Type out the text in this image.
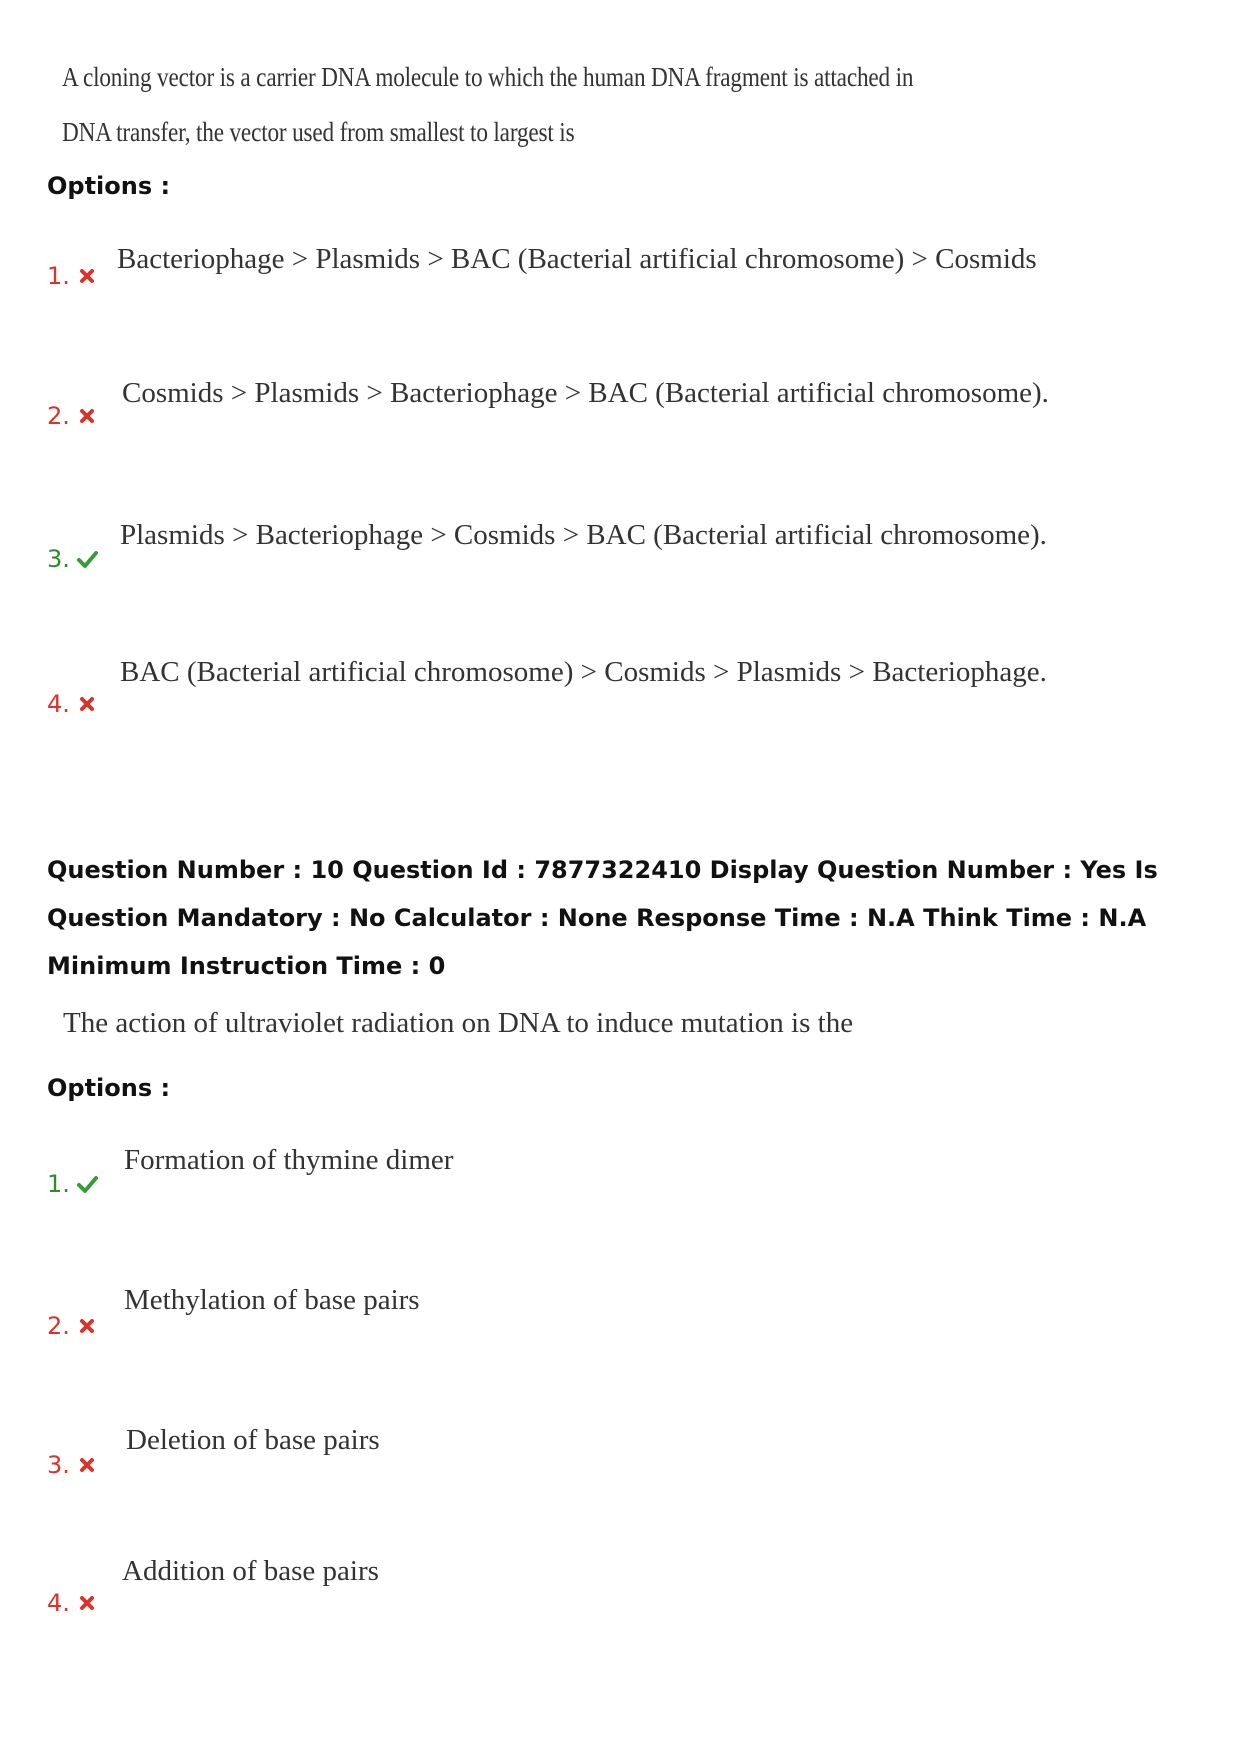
A cloning vector is a carrier DNA molecule to which the human DNA fragment is attached in
DNA transfer, the vector used from smallest to largest is
Options :
1.
Bacteriophage > Plasmids > BAC (Bacterial artificial chromosome) > Cosmids
2.
Cosmids > Plasmids > Bacteriophage > BAC (Bacterial artificial chromosome).
3.
Plasmids > Bacteriophage > Cosmids > BAC (Bacterial artificial chromosome).
4.
BAC (Bacterial artificial chromosome) > Cosmids > Plasmids > Bacteriophage.
Question Number : 10 Question Id : 7877322410 Display Question Number : Yes Is Question Mandatory : No Calculator : None Response Time : N.A Think Time : N.A Minimum Instruction Time : 0
The action of ultraviolet radiation on DNA to induce mutation is the
Options :
1.
Formation of thymine dimer
2.
Methylation of base pairs
3.
Deletion of base pairs
4.
Addition of base pairs
